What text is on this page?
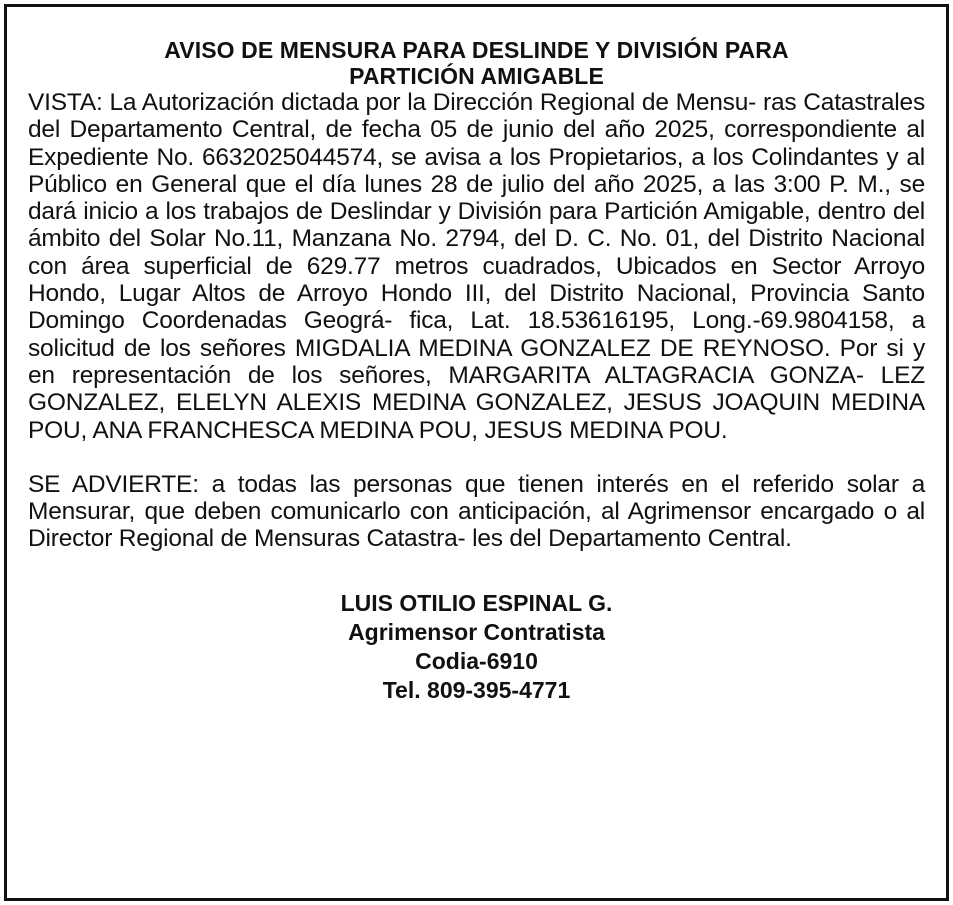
AVISO DE MENSURA PARA DESLINDE Y DIVISIÓN PARA
PARTICIÓN AMIGABLE
VISTA: La Autorización dictada por la Dirección Regional de Mensu- ras Catastrales del Departamento Central, de fecha 05 de junio del año 2025, correspondiente al Expediente No. 6632025044574, se avisa a los Propietarios, a los Colindantes y al Público en General que el día lunes 28 de julio del año 2025, a las 3:00 P. M., se dará inicio a los trabajos de Deslindar y División para Partición Amigable, dentro del ámbito del Solar No.11, Manzana No. 2794, del D. C. No. 01, del Distrito Nacional con área superficial de 629.77 metros cuadrados, Ubicados en Sector Arroyo Hondo, Lugar Altos de Arroyo Hondo III, del Distrito Nacional, Provincia Santo Domingo Coordenadas Geográ- fica, Lat. 18.53616195, Long.-69.9804158, a solicitud de los señores MIGDALIA MEDINA GONZALEZ DE REYNOSO. Por si y en representación de los señores, MARGARITA ALTAGRACIA GONZA- LEZ GONZALEZ, ELELYN ALEXIS MEDINA GONZALEZ, JESUS JOAQUIN MEDINA POU, ANA FRANCHESCA MEDINA POU, JESUS MEDINA POU.
SE ADVIERTE: a todas las personas que tienen interés en el referido solar a Mensurar, que deben comunicarlo con anticipación, al Agrimensor encargado o al Director Regional de Mensuras Catastra- les del Departamento Central.
LUIS OTILIO ESPINAL G.
Agrimensor Contratista
Codia-6910
Tel. 809-395-4771
